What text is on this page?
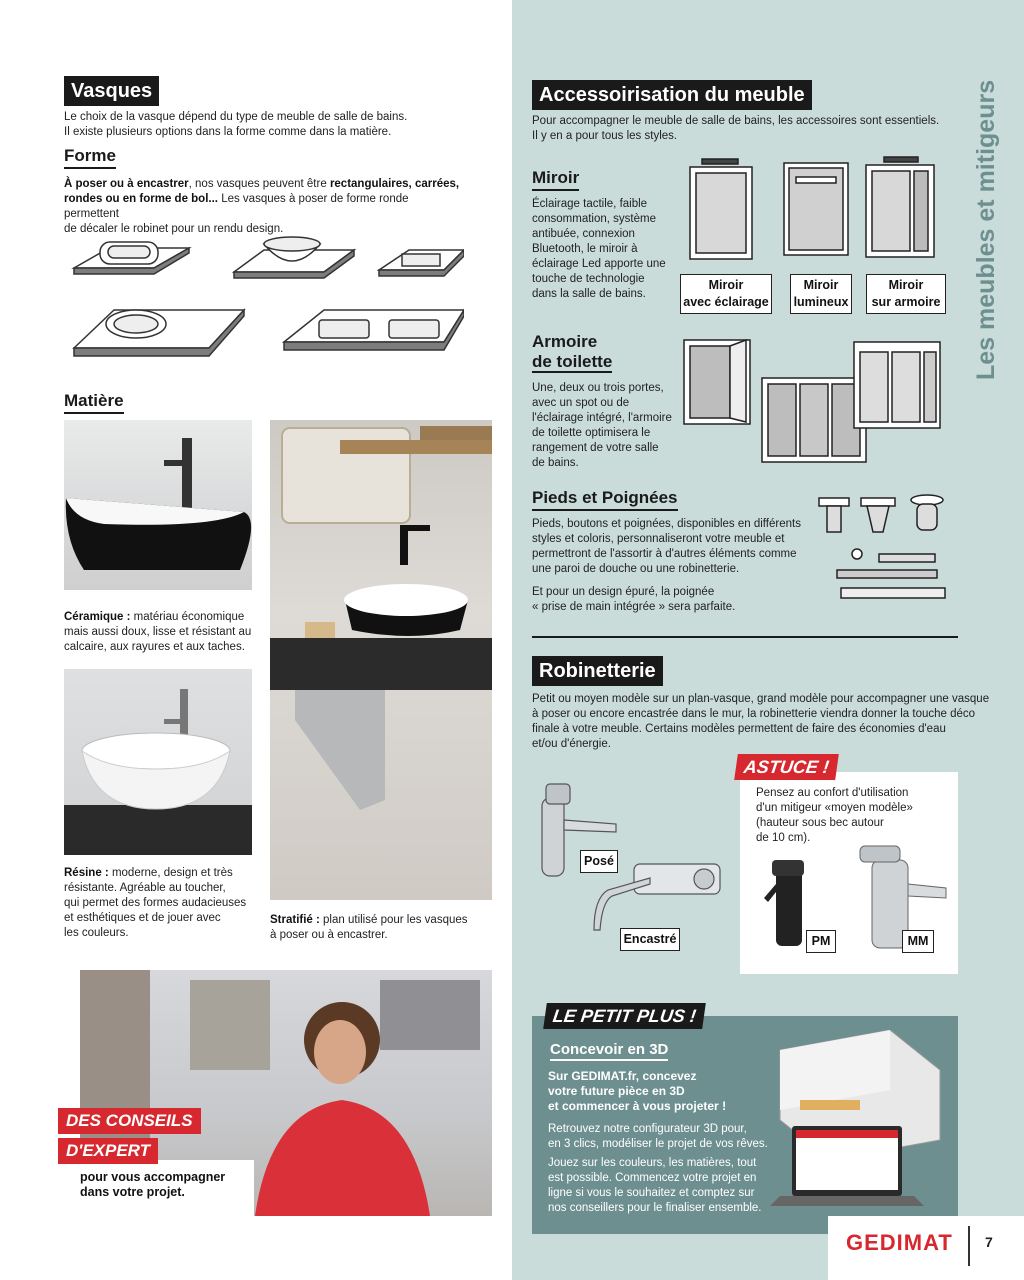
Vasques
Le choix de la vasque dépend du type de meuble de salle de bains.
Il existe plusieurs options dans la forme comme dans la matière.
Forme
À poser ou à encastrer, nos vasques peuvent être rectangulaires, carrées,
rondes ou en forme de bol... Les vasques à poser de forme ronde permettent
de décaler le robinet pour un rendu design.
Matière
Céramique : matériau économique
mais aussi doux, lisse et résistant au
calcaire, aux rayures et aux taches.
Résine : moderne, design et très
résistante. Agréable au toucher,
qui permet des formes audacieuses
et esthétiques et de jouer avec
les couleurs.
Stratifié : plan utilisé pour les vasques
à poser ou à encastrer.
DES CONSEILS
D'EXPERT
pour vous accompagner
dans votre projet.
Accessoirisation du meuble
Pour accompagner le meuble de salle de bains, les accessoires sont essentiels.
Il y en a pour tous les styles.
Miroir
Éclairage tactile, faible
consommation, système
antibuée, connexion
Bluetooth, le miroir à
éclairage Led apporte une
touche de technologie
dans la salle de bains.
Miroir
avec éclairage
Miroir
lumineux
Miroir
sur armoire
Armoire
de toilette
Une, deux ou trois portes,
avec un spot ou de
l'éclairage intégré, l'armoire
de toilette optimisera le
rangement de votre salle
de bains.
Pieds et Poignées
Pieds, boutons et poignées, disponibles en différents
styles et coloris, personnaliseront votre meuble et
permettront de l'assortir à d'autres éléments comme
une paroi de douche ou une robinetterie.
Et pour un design épuré, la poignée
« prise de main intégrée » sera parfaite.
Robinetterie
Petit ou moyen modèle sur un plan-vasque, grand modèle pour accompagner une vasque
à poser ou encore encastrée dans le mur, la robinetterie viendra donner la touche déco
finale à votre meuble. Certains modèles permettent de faire des économies d'eau
et/ou d'énergie.
Posé
Encastré
ASTUCE !
Pensez au confort d'utilisation
d'un mitigeur «moyen modèle»
(hauteur sous bec autour
de 10 cm).
PM	MM
LE PETIT PLUS !
Concevoir en 3D
Sur GEDIMAT.fr, concevez
votre future pièce en 3D
et commencer à vous projeter !
Retrouvez notre configurateur 3D pour,
en 3 clics, modéliser le projet de vos rêves.
Jouez sur les couleurs, les matières, tout
est possible. Commencez votre projet en
ligne si vous le souhaitez et comptez sur
nos conseillers pour le finaliser ensemble.
Les meubles et mitigeurs
GEDIMAT 7
